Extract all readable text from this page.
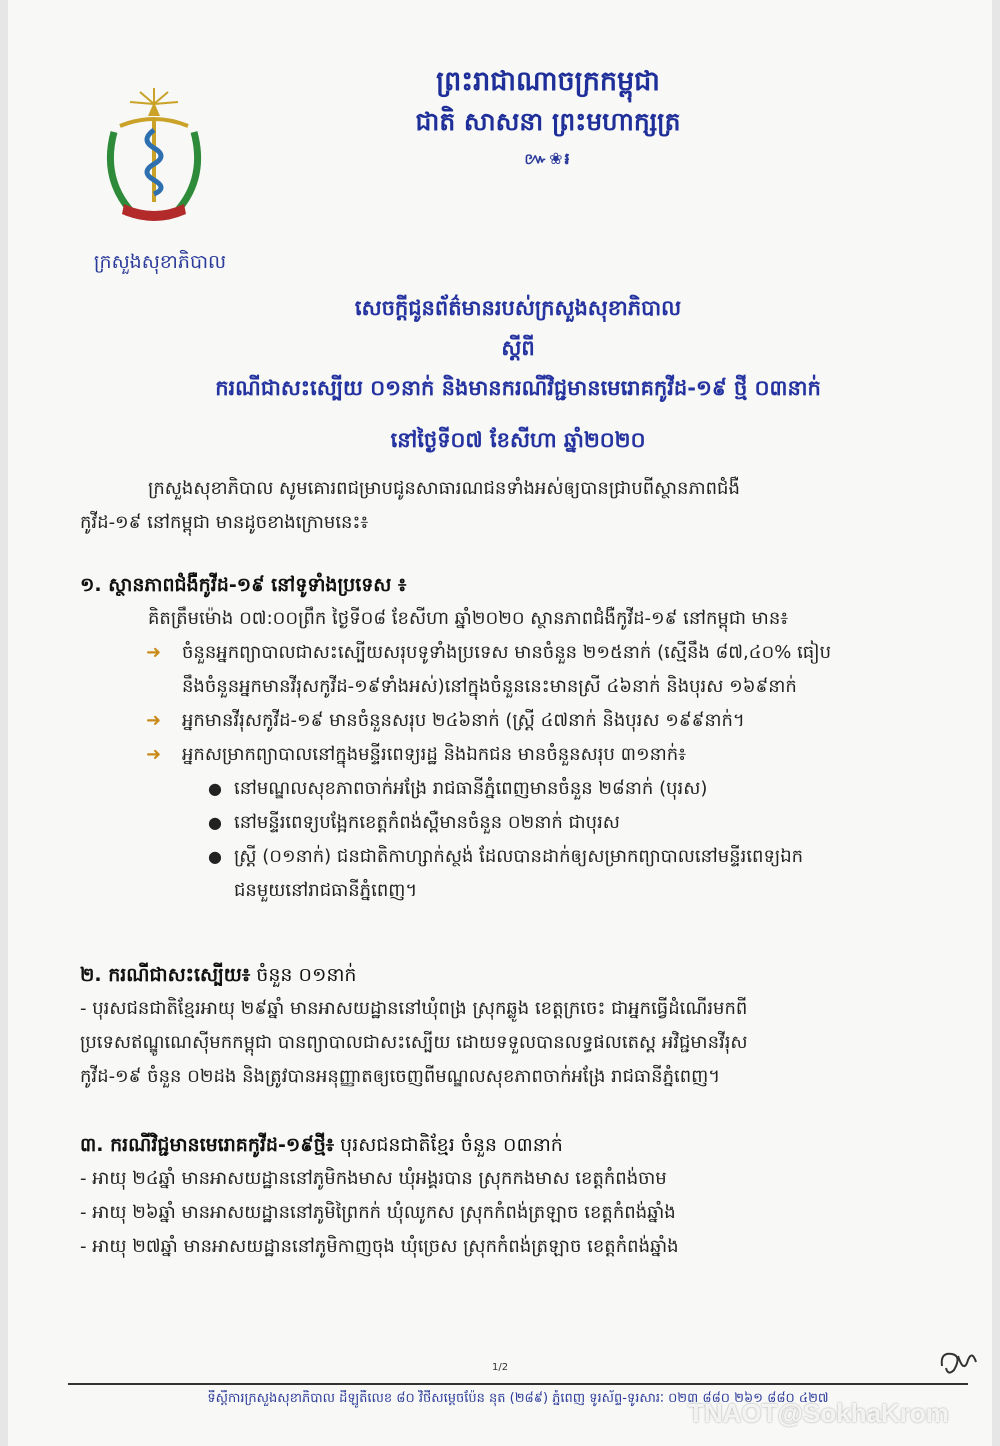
ក្រសួងសុខាភិបាល
ព្រះរាជាណាចក្រកម្ពុជា
ជាតិ សាសនា ព្រះមហាក្សត្រ
៚❀៛
សេចក្តីជូនព័ត៌មានរបស់ក្រសួងសុខាភិបាល
ស្តីពី
ករណីជាសះស្បើយ ០១នាក់ និងមានករណីវិជ្ជមានមេរោគកូវីដ-១៩ ថ្មី ០៣នាក់
នៅថ្ងៃទី០៧ ខែសីហា ឆ្នាំ២០២០
ក្រសួងសុខាភិបាល សូមគោរពជម្រាបជូនសាធារណជនទាំងអស់ឲ្យបានជ្រាបពីស្ថានភាពជំងឺ
កូវីដ-១៩ នៅកម្ពុជា មានដូចខាងក្រោមនេះ៖
១. ស្ថានភាពជំងឺកូវីដ-១៩ នៅទូទាំងប្រទេស ៖
គិតត្រឹមម៉ោង ០៧:០០ព្រឹក ថ្ងៃទី០៨ ខែសីហា ឆ្នាំ២០២០ ស្ថានភាពជំងឺកូវីដ-១៩ នៅកម្ពុជា មាន៖
➜ ចំនួនអ្នកព្យាបាលជាសះស្បើយសរុបទូទាំងប្រទេស មានចំនួន ២១៥នាក់ (ស្មើនឹង ៨៧,៤០% ធៀប
នឹងចំនួនអ្នកមានវីរុសកូវីដ-១៩ទាំងអស់)នៅក្នុងចំនួននេះមានស្រី ៤៦នាក់ និងបុរស ១៦៩នាក់
➜ អ្នកមានវីរុសកូវីដ-១៩ មានចំនួនសរុប ២៤៦នាក់ (ស្ត្រី ៤៧នាក់ និងបុរស ១៩៩នាក់។
➜ អ្នកសម្រាកព្យាបាលនៅក្នុងមន្ទីរពេទ្យរដ្ឋ និងឯកជន មានចំនួនសរុប ៣១នាក់៖
● នៅមណ្ឌលសុខភាពចាក់អង្រែ រាជធានីភ្នំពេញមានចំនួន ២៨នាក់ (បុរស)
● នៅមន្ទីរពេទ្យបង្អែកខេត្តកំពង់ស្ពឺមានចំនួន ០២នាក់ ជាបុរស
● ស្ត្រី (០១នាក់) ជនជាតិកាហ្សាក់ស្ថង់ ដែលបានដាក់ឲ្យសម្រាកព្យាបាលនៅមន្ទីរពេទ្យឯក
ជនមួយនៅរាជធានីភ្នំពេញ។
២. ករណីជាសះស្បើយ៖ ចំនួន ០១នាក់
- បុរសជនជាតិខ្មែរអាយុ ២៩ឆ្នាំ មានអាសយដ្ឋាននៅឃុំពង្រ ស្រុកឆ្លូង ខេត្តក្រចេះ ជាអ្នកធ្វើដំណើរមកពី
ប្រទេសឥណ្ឌូណេស៊ីមកកម្ពុជា បានព្យាបាលជាសះស្បើយ ដោយទទួលបានលទ្ធផលតេស្ត អវិជ្ជមានវីរុស
កូវីដ-១៩ ចំនួន ០២ដង និងត្រូវបានអនុញ្ញាតឲ្យចេញពីមណ្ឌលសុខភាពចាក់អង្រែ រាជធានីភ្នំពេញ។
៣. ករណីវិជ្ជមានមេរោគកូវីដ-១៩ថ្មី៖ បុរសជនជាតិខ្មែរ ចំនួន ០៣នាក់
- អាយុ ២៤ឆ្នាំ មានអាសយដ្ឋាននៅភូមិកងមាស ឃុំអង្គរបាន ស្រុកកងមាស ខេត្តកំពង់ចាម
- អាយុ ២៦ឆ្នាំ មានអាសយដ្ឋាននៅភូមិព្រៃកក់ ឃុំឈូកស ស្រុកកំពង់ត្រឡាច ខេត្តកំពង់ឆ្នាំង
- អាយុ ២៧ឆ្នាំ មានអាសយដ្ឋាននៅភូមិកាញចុង ឃុំច្រេស ស្រុកកំពង់ត្រឡាច ខេត្តកំពង់ឆ្នាំង
1/2
ទីស្តីការក្រសួងសុខាភិបាល ដីឡូតិ៍លេខ ៨០ វិថីសម្តេចប៉ែន នុត (២៨៩) ភ្នំពេញ ទូរស័ព្ទ-ទូរសារៈ ០២៣ ៨៨០ ២៦១ ៨៨០ ៤២៧
TNAOT@SokhaKrom
